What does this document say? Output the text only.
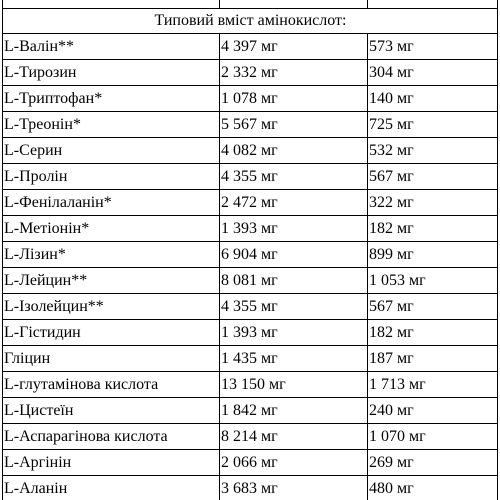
Типовий вміст амінокислот:		
L-Валін**	4 397 мг	573 мг
L-Тирозин	2 332 мг	304 мг
L-Триптофан*	1 078 мг	140 мг
L-Треонін*	5 567 мг	725 мг
L-Серин	4 082 мг	532 мг
L-Пролін	4 355 мг	567 мг
L-Фенілаланін*	2 472 мг	322 мг
L-Метіонін*	1 393 мг	182 мг
L-Лізин*	6 904 мг	899 мг
L-Лейцин**	8 081 мг	1 053 мг
L-Ізолейцин**	4 355 мг	567 мг
L-Гістидин	1 393 мг	182 мг
Гліцин	1 435 мг	187 мг
L-глутамінова кислота	13 150 мг	1 713 мг
L-Цистеїн	1 842 мг	240 мг
L-Аспарагінова кислота	8 214 мг	1 070 мг
L-Аргінін	2 066 мг	269 мг
L-Аланін	3 683 мг	480 мг
